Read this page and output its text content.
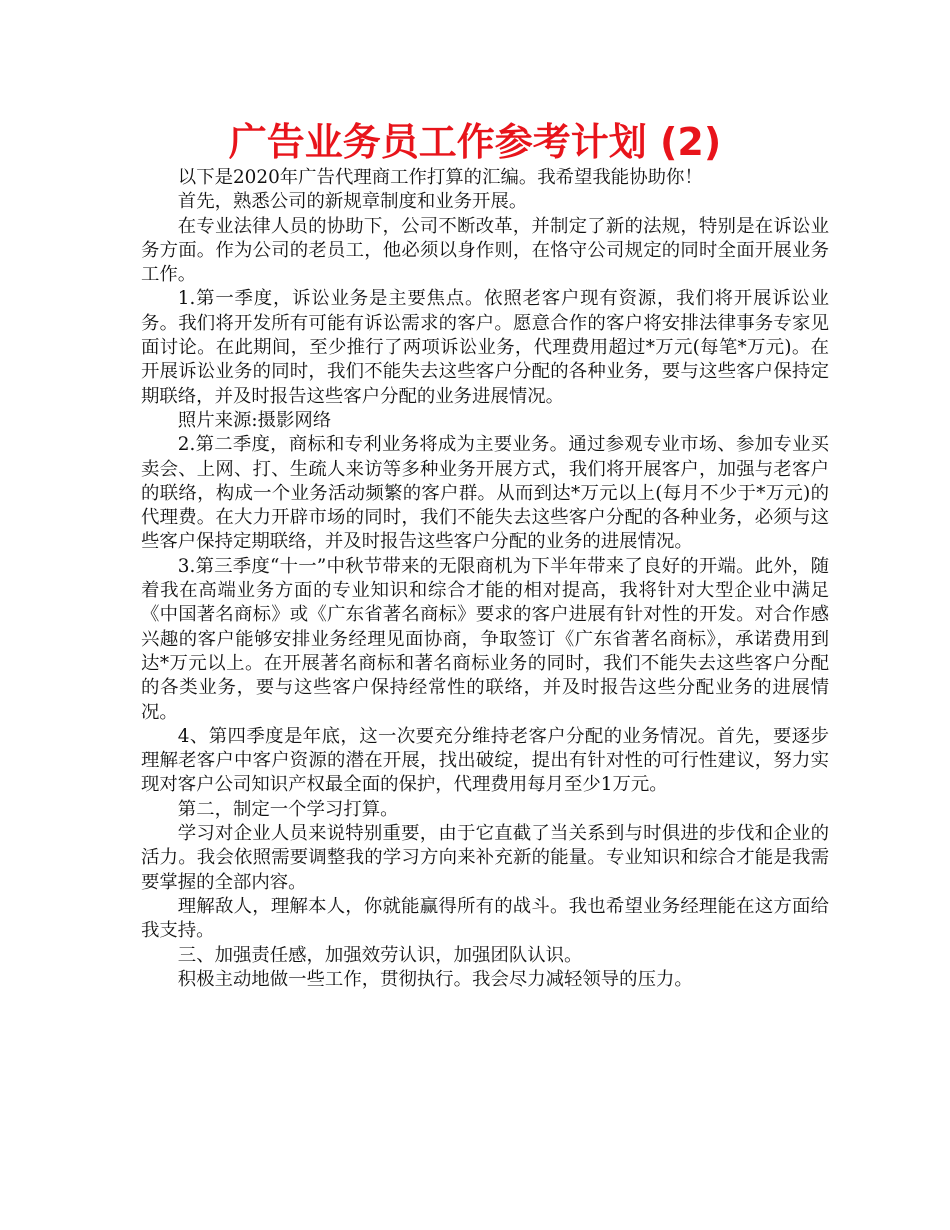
广告业务员工作参考计划 (2)

以下是2020年广告代理商工作打算的汇编。我希望我能协助你！

首先，熟悉公司的新规章制度和业务开展。

在专业法律人员的协助下，公司不断改革，并制定了新的法规，特别是在诉讼业务方面。作为公司的老员工，他必须以身作则，在恪守公司规定的同时全面开展业务工作。

1.第一季度，诉讼业务是主要焦点。依照老客户现有资源，我们将开展诉讼业务。我们将开发所有可能有诉讼需求的客户。愿意合作的客户将安排法律事务专家见面讨论。在此期间，至少推行了两项诉讼业务，代理费用超过*万元(每笔*万元)。在开展诉讼业务的同时，我们不能失去这些客户分配的各种业务，要与这些客户保持定期联络，并及时报告这些客户分配的业务进展情况。

照片来源:摄影网络

2.第二季度，商标和专利业务将成为主要业务。通过参观专业市场、参加专业买卖会、上网、打、生疏人来访等多种业务开展方式，我们将开展客户，加强与老客户的联络，构成一个业务活动频繁的客户群。从而到达*万元以上(每月不少于*万元)的代理费。在大力开辟市场的同时，我们不能失去这些客户分配的各种业务，必须与这些客户保持定期联络，并及时报告这些客户分配的业务的进展情况。

3.第三季度“十一”中秋节带来的无限商机为下半年带来了良好的开端。此外，随着我在高端业务方面的专业知识和综合才能的相对提高，我将针对大型企业中满足《中国著名商标》或《广东省著名商标》要求的客户进展有针对性的开发。对合作感兴趣的客户能够安排业务经理见面协商，争取签订《广东省著名商标》，承诺费用到达*万元以上。在开展著名商标和著名商标业务的同时，我们不能失去这些客户分配的各类业务，要与这些客户保持经常性的联络，并及时报告这些分配业务的进展情况。

4、第四季度是年底，这一次要充分维持老客户分配的业务情况。首先，要逐步理解老客户中客户资源的潜在开展，找出破绽，提出有针对性的可行性建议，努力实现对客户公司知识产权最全面的保护，代理费用每月至少1万元。

第二，制定一个学习打算。

学习对企业人员来说特别重要，由于它直截了当关系到与时俱进的步伐和企业的活力。我会依照需要调整我的学习方向来补充新的能量。专业知识和综合才能是我需要掌握的全部内容。

理解敌人，理解本人，你就能赢得所有的战斗。我也希望业务经理能在这方面给我支持。

三、加强责任感，加强效劳认识，加强团队认识。

积极主动地做一些工作，贯彻执行。我会尽力减轻领导的压力。
